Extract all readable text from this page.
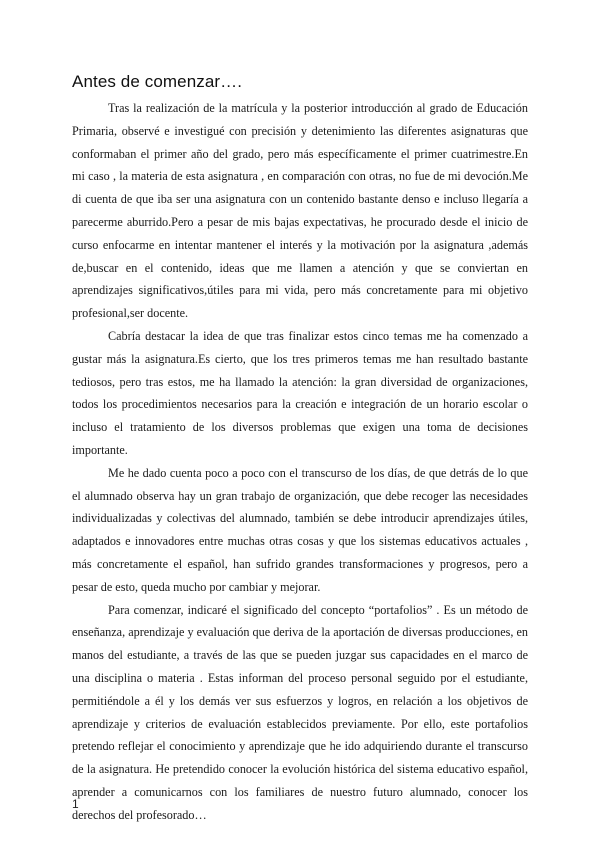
Antes de comenzar….

Tras la realización de la matrícula y la posterior introducción al grado de Educación Primaria, observé e investigué con precisión y detenimiento las diferentes asignaturas que conformaban el primer año del grado, pero más específicamente el primer cuatrimestre.En mi caso , la materia de esta asignatura , en comparación con otras, no fue de mi devoción.Me di cuenta de que iba ser una asignatura con un contenido bastante denso e incluso llegaría a parecerme aburrido.Pero a pesar de mis bajas expectativas, he procurado desde el inicio de curso enfocarme en intentar mantener el interés y la motivación por la asignatura ,además de,buscar en el contenido, ideas que me llamen a atención y que se conviertan en aprendizajes significativos,útiles para mi vida, pero más concretamente para mi objetivo profesional,ser docente.

Cabría destacar la idea de que tras finalizar estos cinco temas me ha comenzado a gustar más la asignatura.Es cierto, que los tres primeros temas me han resultado bastante tediosos, pero tras estos, me ha llamado la atención: la gran diversidad de organizaciones, todos los procedimientos necesarios para la creación e integración de un horario escolar o incluso el tratamiento de los diversos problemas que exigen una toma de decisiones importante.

Me he dado cuenta poco a poco con el transcurso de los días, de que detrás de lo que el alumnado observa hay un gran trabajo de organización, que debe recoger las necesidades individualizadas y colectivas del alumnado, también se debe introducir aprendizajes útiles, adaptados e innovadores entre muchas otras cosas y que los sistemas educativos actuales , más concretamente el español, han sufrido grandes transformaciones y progresos, pero a pesar de esto, queda mucho por cambiar y mejorar.

Para comenzar, indicaré el significado del concepto “portafolios” . Es un método de enseñanza, aprendizaje y evaluación que deriva de la aportación de diversas producciones, en manos del estudiante, a través de las que se pueden juzgar sus capacidades en el marco de una disciplina o materia . Estas informan del proceso personal seguido por el estudiante, permitiéndole a él y los demás ver sus esfuerzos y logros, en relación a los objetivos de aprendizaje y criterios de evaluación establecidos previamente. Por ello, este portafolios pretendo reflejar el conocimiento y aprendizaje que he ido adquiriendo durante el transcurso de la asignatura. He pretendido conocer la evolución histórica del sistema educativo español, aprender a comunicarnos con los familiares de nuestro futuro alumnado, conocer los derechos del profesorado…

1
